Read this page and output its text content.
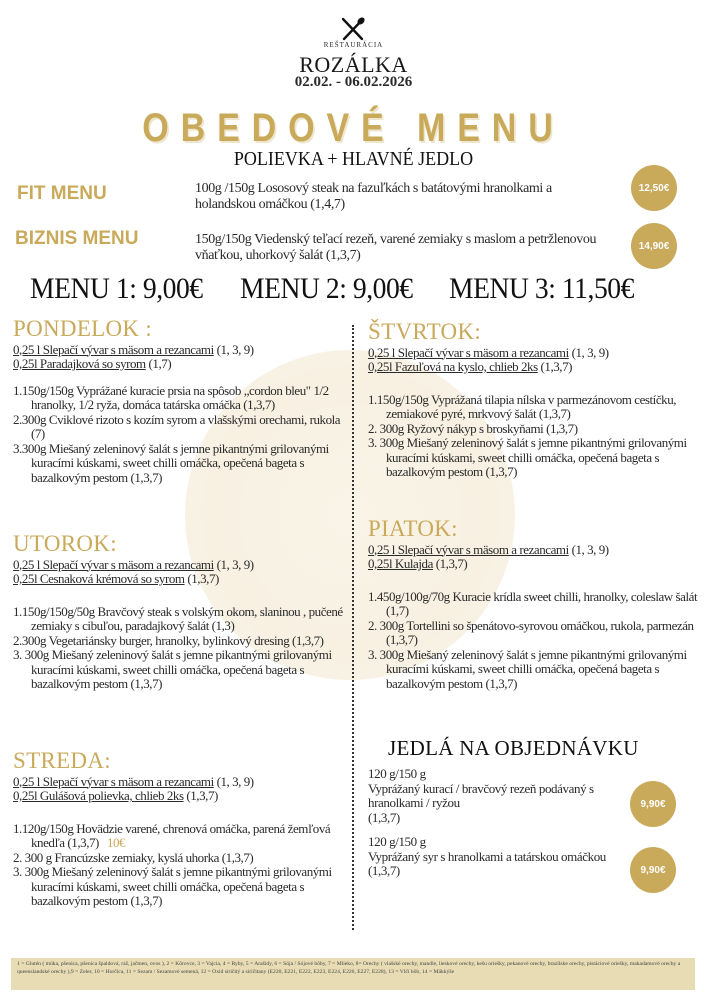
REŠTAURÁCIA
ROZÁLKA
02.02. - 06.02.2026
OBEDOVÉ MENU
POLIEVKA + HLAVNÉ JEDLO
FIT MENU	100g /150g Lososový steak na fazuľkách s batátovými hranolkami a holandskou omáčkou (1,4,7)
12,50€
BIZNIS MENU	150g/150g Viedenský teľací rezeň, varené zemiaky s maslom a petržlenovou vňaťkou, uhorkový šalát (1,3,7)
14,90€
MENU 1: 9,00€ MENU 2: 9,00€ MENU 3: 11,50€
PONDELOK :
0,25 l Slepačí vývar s mäsom a rezancami (1, 3, 9)
0,25l Paradajková so syrom (1,7)
1.150g/150g Vyprážané kuracie prsia na spôsob „cordon bleu" 1/2 hranolky, 1/2 ryža, domáca tatárska omáčka (1,3,7)
2.300g Cviklové rizoto s kozím syrom a vlašskými orechami, rukola (7)
3.300g Miešaný zeleninový šalát s jemne pikantnými grilovanými kuracími kúskami, sweet chilli omáčka, opečená bageta s bazalkovým pestom (1,3,7)
UTOROK:
0,25 l Slepačí vývar s mäsom a rezancami (1, 3, 9)
0,25l Cesnaková krémová so syrom (1,3,7)
1.150g/150g/50g Bravčový steak s volským okom, slaninou , pučené zemiaky s cibuľou, paradajkový šalát (1,3)
2.300g Vegetariánsky burger, hranolky, bylinkový dresing (1,3,7)
3. 300g Miešaný zeleninový šalát s jemne pikantnými grilovanými kuracími kúskami, sweet chilli omáčka, opečená bageta s bazalkovým pestom (1,3,7)
STREDA:
0,25 l Slepačí vývar s mäsom a rezancami (1, 3, 9)
0,25l Gulášová polievka, chlieb 2ks (1,3,7)
1.120g/150g Hovädzie varené, chrenová omáčka, parená žemľová knedľa (1,3,7) 10€
2. 300 g Francúzske zemiaky, kyslá uhorka (1,3,7)
3. 300g Miešaný zeleninový šalát s jemne pikantnými grilovanými kuracími kúskami, sweet chilli omáčka, opečená bageta s bazalkovým pestom (1,3,7)
ŠTVRTOK:
0,25 l Slepačí vývar s mäsom a rezancami (1, 3, 9)
0,25l Fazuľová na kyslo, chlieb 2ks (1,3,7)
1.150g/150g Vyprážaná tilapia nílska v parmezánovom cestíčku, zemiakové pyré, mrkvový šalát (1,3,7)
2. 300g Ryžový nákyp s broskyňami (1,3,7)
3. 300g Miešaný zeleninový šalát s jemne pikantnými grilovanými kuracími kúskami, sweet chilli omáčka, opečená bageta s bazalkovým pestom (1,3,7)
PIATOK:
0,25 l Slepačí vývar s mäsom a rezancami (1, 3, 9)
0,25l Kulajda (1,3,7)
1.450g/100g/70g Kuracie krídla sweet chilli, hranolky, coleslaw šalát (1,7)
2. 300g Tortellini so špenátovo-syrovou omáčkou, rukola, parmezán (1,3,7)
3. 300g Miešaný zeleninový šalát s jemne pikantnými grilovanými kuracími kúskami, sweet chilli omáčka, opečená bageta s bazalkovým pestom (1,3,7)
JEDLÁ NA OBJEDNÁVKU
120 g/150 g
Vyprážaný kurací / bravčový rezeň podávaný s hranolkami / ryžou
(1,3,7)
9,90€
120 g/150 g
Vyprážaný syr s hranolkami a tatárskou omáčkou
(1,3,7)	9,90€
1 = Glutén ( múka, pšenica, pšenica špaldová, raž, jačmen, ovos ), 2 = Kôrovce, 3 = Vajcia, 4 = Ryby, 5 = Arašidy, 6 = Sója / Sójové bôby, 7 = Mlieko, 8= Orechy ( vlašské orechy, mandle, lieskové orechy, kešu oriešky, pekanové orechy, brazílske orechy, pistáciové oriešky, makadamové orechy a queenslandské orechy ),9 = Zeler, 10 = Horčica, 11 = Sezam / Sezamové semená, 12 = Oxid siričitý a siričitany (E220, E221, E222, E223, E224, E226, E227, E228), 13 = Vlčí bôb, 14 = Mäkkýše
